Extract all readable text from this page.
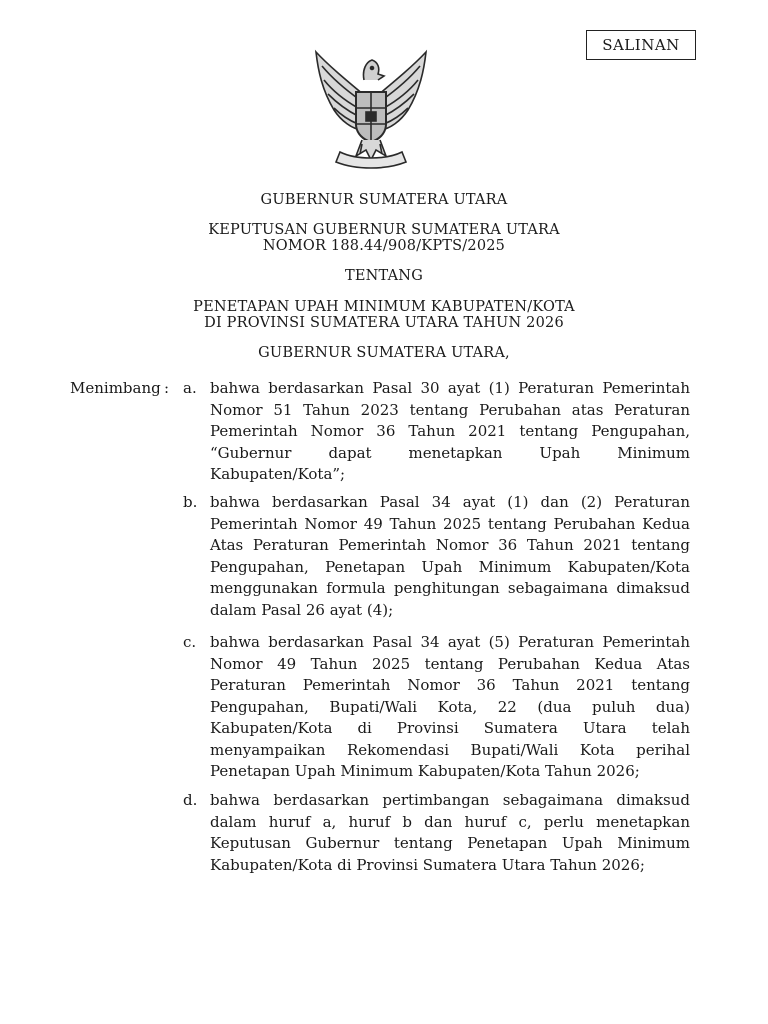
SALINAN
GUBERNUR SUMATERA UTARA
KEPUTUSAN GUBERNUR SUMATERA UTARA
NOMOR 188.44/908/KPTS/2025
TENTANG
PENETAPAN UPAH MINIMUM KABUPATEN/KOTA
DI PROVINSI SUMATERA UTARA TAHUN 2026
GUBERNUR SUMATERA UTARA,
Menimbang : a. bahwa berdasarkan Pasal 30 ayat (1) Peraturan Pemerintah Nomor 51 Tahun 2023 tentang Perubahan atas Peraturan Pemerintah Nomor 36 Tahun 2021 tentang Pengupahan, “Gubernur dapat menetapkan Upah Minimum Kabupaten/Kota”;
b. bahwa berdasarkan Pasal 34 ayat (1) dan (2) Peraturan Pemerintah Nomor 49 Tahun 2025 tentang Perubahan Kedua Atas Peraturan Pemerintah Nomor 36 Tahun 2021 tentang Pengupahan, Penetapan Upah Minimum Kabupaten/Kota menggunakan formula penghitungan sebagaimana dimaksud dalam Pasal 26 ayat (4);
c. bahwa berdasarkan Pasal 34 ayat (5) Peraturan Pemerintah Nomor 49 Tahun 2025 tentang Perubahan Kedua Atas Peraturan Pemerintah Nomor 36 Tahun 2021 tentang Pengupahan, Bupati/Wali Kota, 22 (dua puluh dua) Kabupaten/Kota di Provinsi Sumatera Utara telah menyampaikan Rekomendasi Bupati/Wali Kota perihal Penetapan Upah Minimum Kabupaten/Kota Tahun 2026;
d. bahwa berdasarkan pertimbangan sebagaimana dimaksud dalam huruf a, huruf b dan huruf c, perlu menetapkan Keputusan Gubernur tentang Penetapan Upah Minimum Kabupaten/Kota di Provinsi Sumatera Utara Tahun 2026;
